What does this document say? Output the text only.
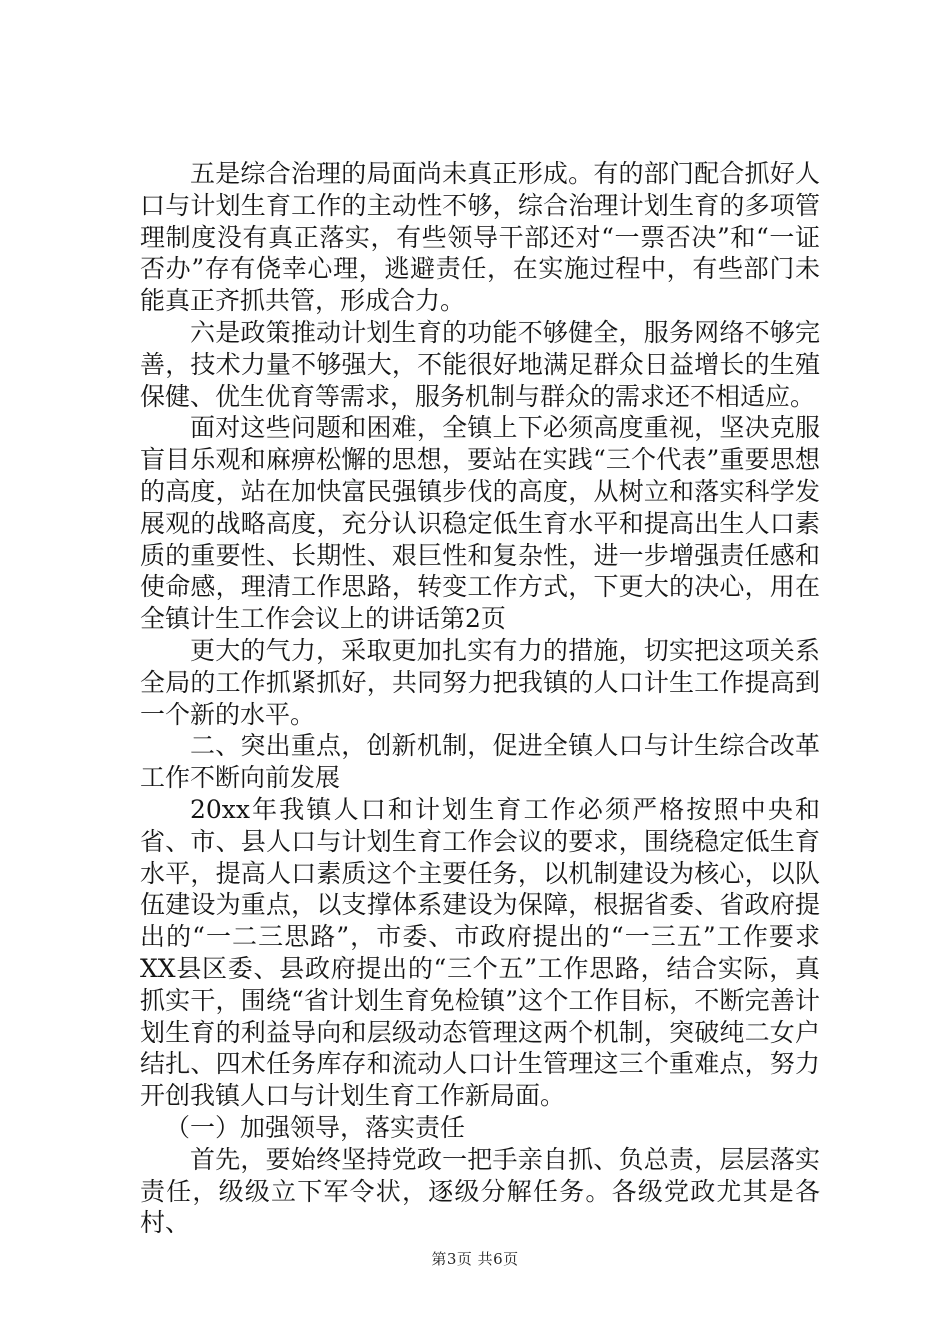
五是综合治理的局面尚未真正形成。有的部门配合抓好人口与计划生育工作的主动性不够，综合治理计划生育的多项管理制度没有真正落实，有些领导干部还对“一票否决”和“一证否办”存有侥幸心理，逃避责任，在实施过程中，有些部门未能真正齐抓共管，形成合力。

六是政策推动计划生育的功能不够健全，服务网络不够完善，技术力量不够强大，不能很好地满足群众日益增长的生殖保健、优生优育等需求，服务机制与群众的需求还不相适应。

面对这些问题和困难，全镇上下必须高度重视，坚决克服盲目乐观和麻痹松懈的思想，要站在实践“三个代表”重要思想的高度，站在加快富民强镇步伐的高度，从树立和落实科学发展观的战略高度，充分认识稳定低生育水平和提高出生人口素质的重要性、长期性、艰巨性和复杂性，进一步增强责任感和使命感，理清工作思路，转变工作方式，下更大的决心，用在全镇计生工作会议上的讲话第2页

更大的气力，采取更加扎实有力的措施，切实把这项关系全局的工作抓紧抓好，共同努力把我镇的人口计生工作提高到一个新的水平。

二、突出重点，创新机制，促进全镇人口与计生综合改革工作不断向前发展

20xx年我镇人口和计划生育工作必须严格按照中央和省、市、县人口与计划生育工作会议的要求，围绕稳定低生育水平，提高人口素质这个主要任务，以机制建设为核心，以队伍建设为重点，以支撑体系建设为保障，根据省委、省政府提出的“一二三思路”，市委、市政府提出的“一三五”工作要求XX县区委、县政府提出的“三个五”工作思路，结合实际，真抓实干，围绕“省计划生育免检镇”这个工作目标，不断完善计划生育的利益导向和层级动态管理这两个机制，突破纯二女户结扎、四术任务库存和流动人口计生管理这三个重难点，努力开创我镇人口与计划生育工作新局面。

（一）加强领导，落实责任

首先，要始终坚持党政一把手亲自抓、负总责，层层落实责任，级级立下军令状，逐级分解任务。各级党政尤其是各村、

第3页 共6页
